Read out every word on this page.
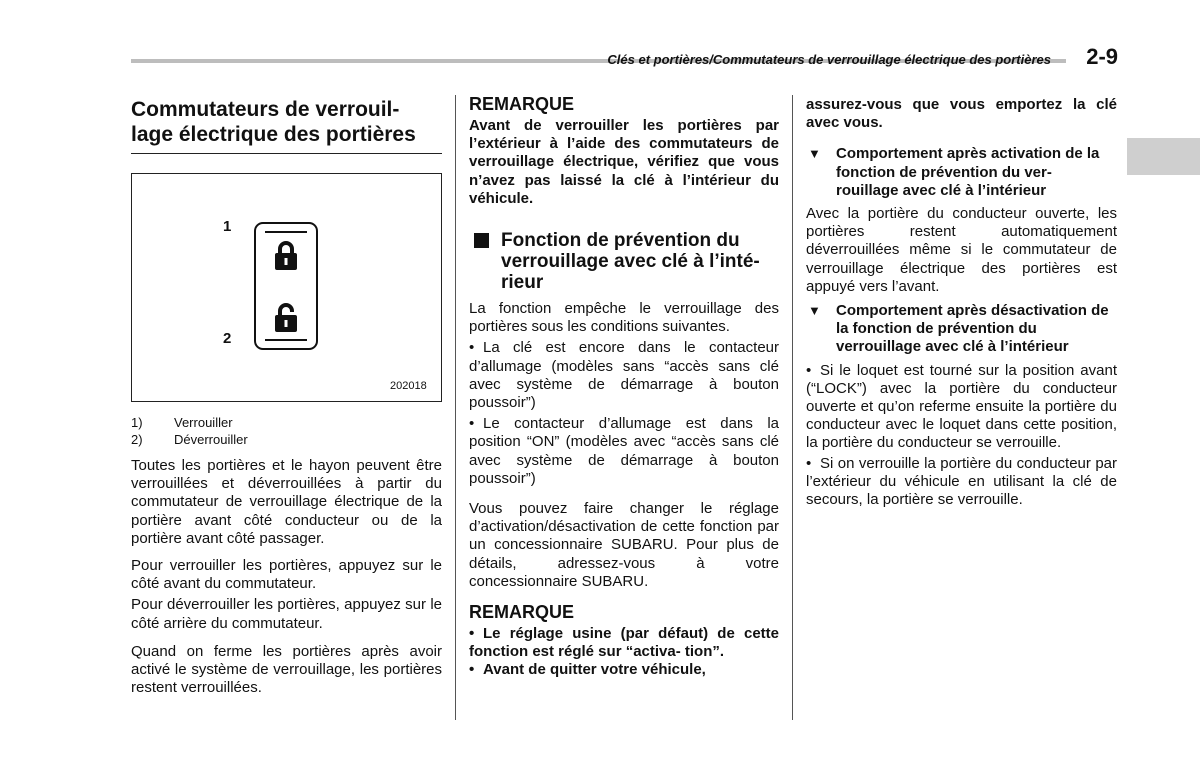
Clés et portières/Commutateurs de verrouillage électrique des portières	2-9
Commutateurs de verrouil- lage électrique des portières
1
2
202018
1) Verrouiller
2) Déverrouiller

Toutes les portières et le hayon peuvent être verrouillées et déverrouillées à partir du commutateur de verrouillage électrique de la portière avant côté conducteur ou de la portière avant côté passager.

Pour verrouiller les portières, appuyez sur le côté avant du commutateur.

Pour déverrouiller les portières, appuyez sur le côté arrière du commutateur.

Quand on ferme les portières après avoir activé le système de verrouillage, les portières restent verrouillées.

REMARQUE

Avant de verrouiller les portières par l’extérieur à l’aide des commutateurs de verrouillage électrique, vérifiez que vous n’avez pas laissé la clé à l’intérieur du véhicule.

Fonction de prévention du verrouillage avec clé à l’inté- rieur

La fonction empêche le verrouillage des portières sous les conditions suivantes.

• La clé est encore dans le contacteur d’allumage (modèles sans “accès sans clé avec système de démarrage à bouton poussoir”)

• Le contacteur d’allumage est dans la position “ON” (modèles avec “accès sans clé avec système de démarrage à bouton poussoir”)

Vous pouvez faire changer le réglage d’activation/désactivation de cette fonction par un concessionnaire SUBARU. Pour plus de détails, adressez-vous à votre concessionnaire SUBARU.

REMARQUE

• Le réglage usine (par défaut) de cette fonction est réglé sur “activa- tion”.

• Avant de quitter votre véhicule,

assurez-vous que vous emportez la clé avec vous.

▼	Comportement après activation de la fonction de prévention du ver- rouillage avec clé à l’intérieur

Avec la portière du conducteur ouverte, les portières restent automatiquement déverrouillées même si le commutateur de verrouillage électrique des portières est appuyé vers l’avant.

▼	Comportement après désactivation de la fonction de prévention du verrouillage avec clé à l’intérieur

• Si le loquet est tourné sur la position avant (“LOCK”) avec la portière du conducteur ouverte et qu’on referme ensuite la portière du conducteur avec le loquet dans cette position, la portière du conducteur se verrouille.

• Si on verrouille la portière du conducteur par l’extérieur du véhicule en utilisant la clé de secours, la portière se verrouille.
